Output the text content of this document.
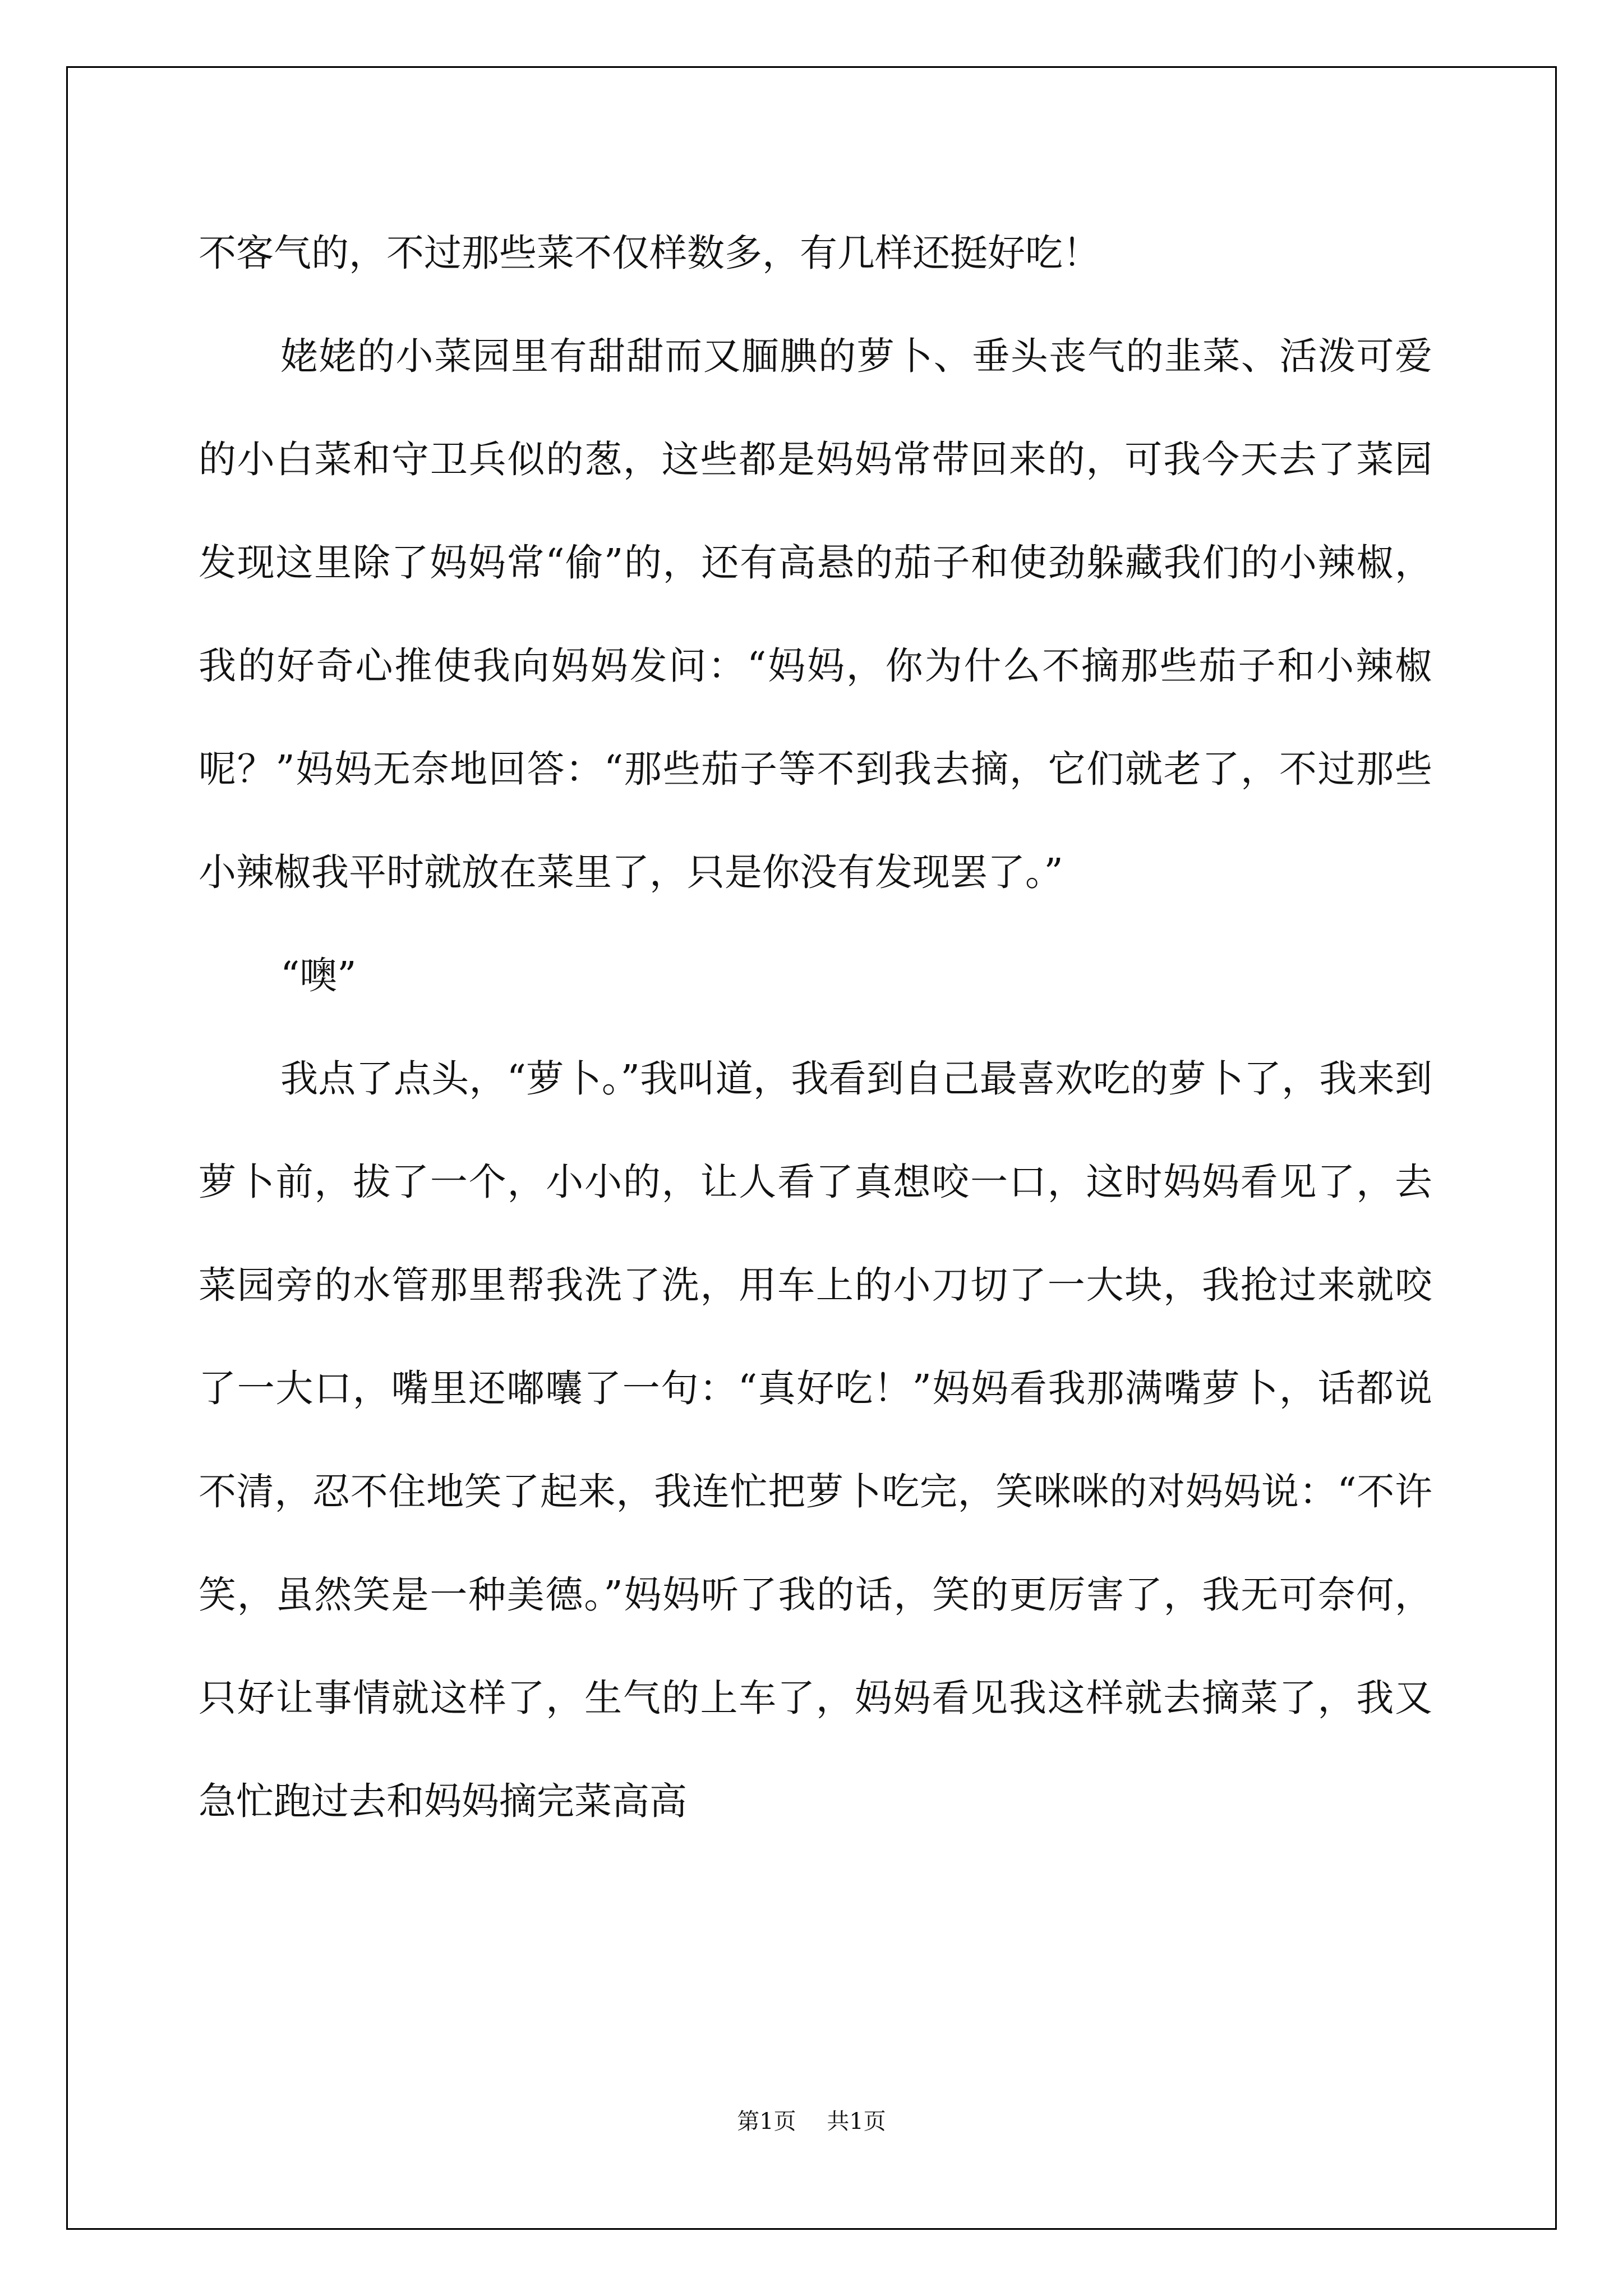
不客气的，不过那些菜不仅样数多，有几样还挺好吃！

姥姥的小菜园里有甜甜而又腼腆的萝卜、垂头丧气的韭菜、活泼可爱的小白菜和守卫兵似的葱，这些都是妈妈常带回来的，可我今天去了菜园发现这里除了妈妈常“偷”的，还有高悬的茄子和使劲躲藏我们的小辣椒，我的好奇心推使我向妈妈发问：“妈妈，你为什么不摘那些茄子和小辣椒呢？”妈妈无奈地回答：“那些茄子等不到我去摘，它们就老了，不过那些小辣椒我平时就放在菜里了，只是你没有发现罢了。”

“噢”

我点了点头，“萝卜。”我叫道，我看到自己最喜欢吃的萝卜了，我来到萝卜前，拔了一个，小小的，让人看了真想咬一口，这时妈妈看见了，去菜园旁的水管那里帮我洗了洗，用车上的小刀切了一大块，我抢过来就咬了一大口，嘴里还嘟囔了一句：“真好吃！”妈妈看我那满嘴萝卜，话都说不清，忍不住地笑了起来，我连忙把萝卜吃完，笑咪咪的对妈妈说：“不许笑，虽然笑是一种美德。”妈妈听了我的话，笑的更厉害了，我无可奈何，只好让事情就这样了，生气的上车了，妈妈看见我这样就去摘菜了，我又急忙跑过去和妈妈摘完菜高高

第1页 共1页
